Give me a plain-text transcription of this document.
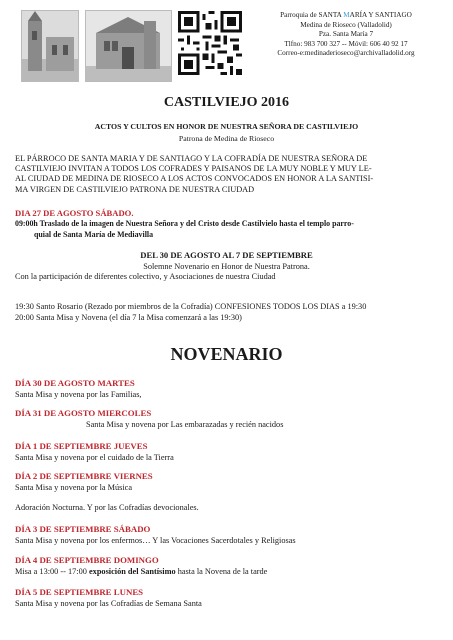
Parroquia de SANTA MARÍA Y SANTIAGO
Medina de Rioseco (Valladolid)
Pza. Santa María 7
Tlfno: 983 700 327 -- Móvil: 606 40 92 17
Correo-e:medinaderioseco@archivalladolid.org
CASTILVIEJO 2016
ACTOS Y CULTOS EN HONOR DE NUESTRA SEÑORA DE CASTILVIEJO
Patrona de Medina de Rioseco
EL PÁRROCO DE SANTA MARIA Y DE SANTIAGO Y LA COFRADÍA DE NUESTRA SEÑORA DE
CASTILVIEJO INVITAN A TODOS LOS COFRADES Y PAISANOS DE LA MUY NOBLE Y MUY LE-
AL CIUDAD DE MEDINA DE RIOSECO A LOS ACTOS CONVOCADOS EN HONOR A LA SANTISI-
MA VIRGEN DE CASTILVIEJO PATRONA DE NUESTRA CIUDAD
DIA 27 DE AGOSTO SÁBADO.
09:00h Traslado de la imagen de Nuestra Señora y del Cristo desde Castilvielo hasta el templo parro-
quial de Santa María de Mediavilla
DEL 30 DE AGOSTO AL 7 DE SEPTIEMBRE
Solemne Novenario en Honor de Nuestra Patrona.
Con la participación de diferentes colectivo, y Asociaciones de nuestra Ciudad
19:30 Santo Rosario (Rezado por miembros de la Cofradía) CONFESIONES TODOS LOS DIAS a 19:30
20:00 Santa Misa y Novena (el día 7 la Misa comenzará a las 19:30)
NOVENARIO
DÍA 30 DE AGOSTO MARTES
Santa Misa y novena por las Familias,
DÍA 31 DE AGOSTO MIERCOLES
Santa Misa y novena por Las embarazadas y recién nacidos
DÍA 1 DE SEPTIEMBRE JUEVES
Santa Misa y novena por el cuidado de la Tierra
DÍA 2 DE SEPTIEMBRE VIERNES
Santa Misa y novena por la Música
Adoración Nocturna. Y por las Cofradías devocionales.
DÍA 3 DE SEPTIEMBRE SÁBADO
Santa Misa y novena por los enfermos… Y las Vocaciones Sacerdotales y Religiosas
DÍA 4 DE SEPTIEMBRE DOMINGO
Misa a 13:00 -- 17:00 exposición del Santísimo hasta la Novena de la tarde
DÍA 5 DE SEPTIEMBRE LUNES
Santa Misa y novena por las Cofradías de Semana Santa
